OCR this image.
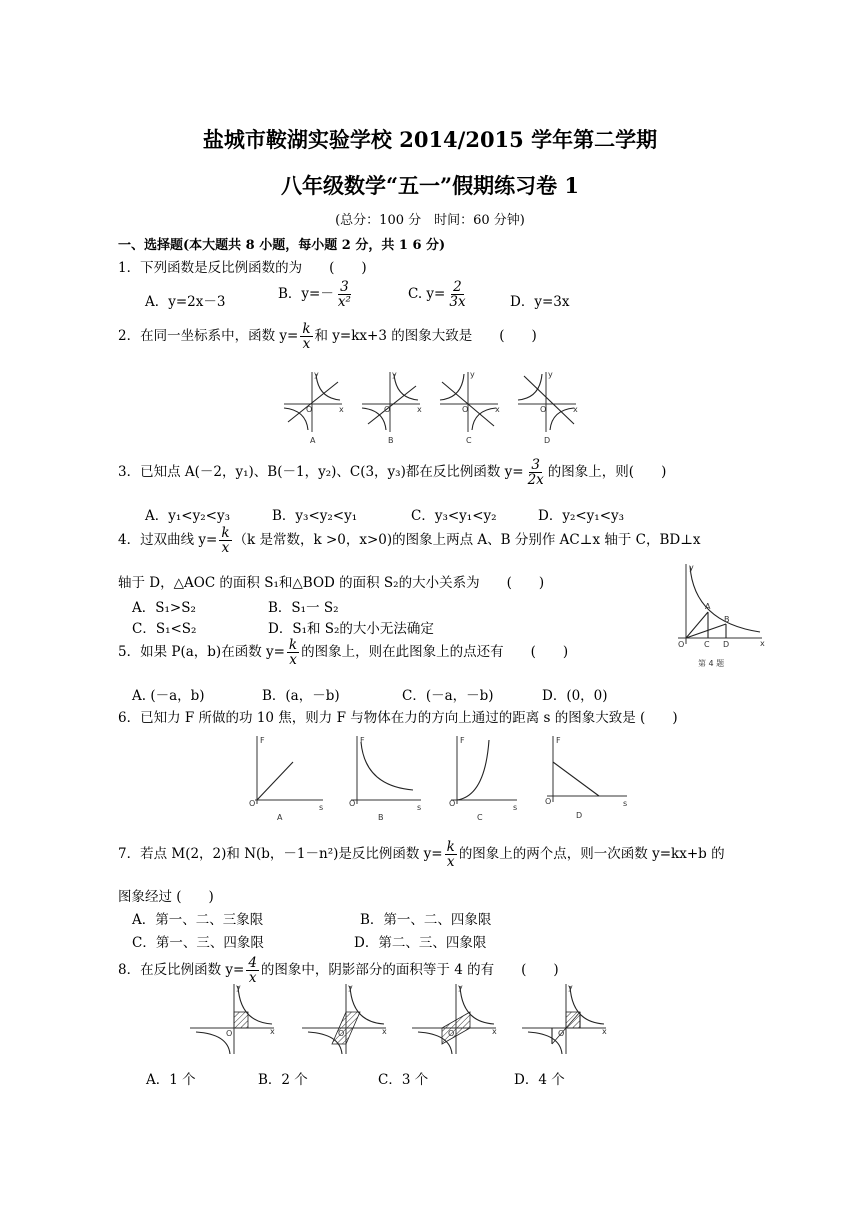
盐城市鞍湖实验学校 2014/2015 学年第二学期
八年级数学“五一”假期练习卷 1
(总分：100 分　时间：60 分钟)
一、选择题(本大题共 8 小题，每小题 2 分，共 1 6 分)
1．下列函数是反比例函数的为　　(　　)
A．y=2x－3	B．$y=- \frac{3}{\text{x²}}$	C. $y= \frac{2}{3x}$	D．y=3x
2．在同一坐标系中，函数 $y= \frac{k}{x}$ 和 y=kx+3 的图象大致是　　(　　)
y
x
O
A
y
x
O
B
y
x
O
C
y
x
O
D
3．已知点 A(－2，y₁)、B(－1，y₂)、C(3，y₃)都在反比例函数 $y= \frac{3}{2x}$ 的图象上，则(　　)
A．y₁<y₂<y₃	B．y₃<y₂<y₁	C．y₃<y₁<y₂	D．y₂<y₁<y₃
4．过双曲线 $y= \frac{k}{x} (k$ 是常数，k >0，x>0)的图象上两点 A、B 分别作 AC⊥x 轴于 C，BD⊥x
轴于 D，△AOC 的面积 S₁和△BOD 的面积 S₂的大小关系为　　(　　)
A．S₁>S₂	B．S₁一 S₂
C．S₁<S₂	D．S₁和 S₂的大小无法确定
y
x
O
A
B
C D
第 4 题
5．如果 P(a，b)在函数 $y= \frac{k}{x}$ 的图象上，则在此图象上的点还有　　(　　)
A. (－a，b)	B．(a，－b)	C．(－a，－b)	D．(0，0)
6．已知力 F 所做的功 10 焦，则力 F 与物体在力的方向上通过的距离 s 的图象大致是 (　　)
F
s
O
A
F
s
O
B
F
s
O
C
F
s
O
D
7．若点 M(2，2)和 N(b，－1－n²)是反比例函数 $y= \frac{k}{x}$ 的图象上的两个点，则一次函数 y=kx+b 的
图象经过 (　　)
A．第一、二、三象限	B．第一、二、四象限
C．第一、三、四象限	D．第二、三、四象限
8．在反比例函数 $y= \frac{4}{x}$ 的图象中，阴影部分的面积等于 4 的有　　(　　)
y
x
O
y
x
O
y
x
O
y
x
O
A．1 个	B．2 个	C．3 个	D．4 个
